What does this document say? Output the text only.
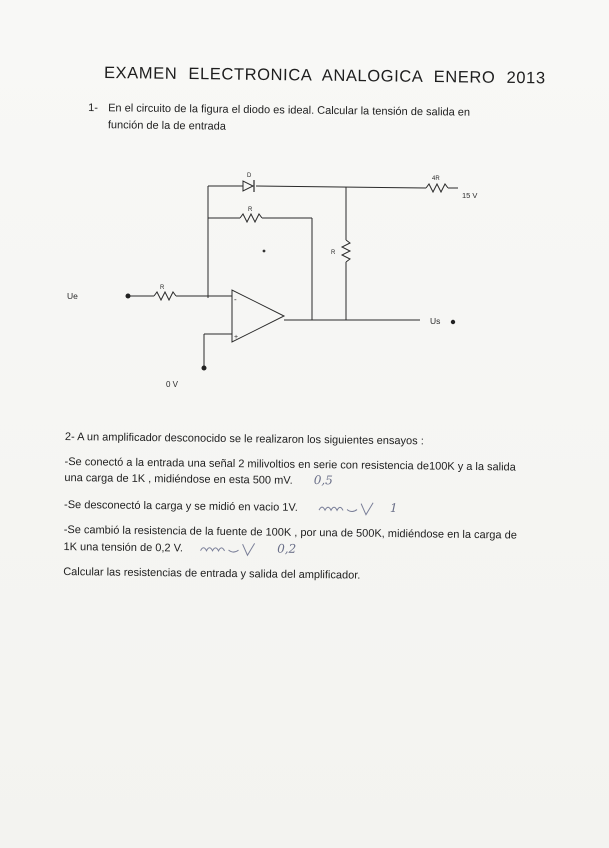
EXAMEN ELECTRONICA ANALOGICA ENERO 2013
1- En el circuito de la figura el diodo es ideal. Calcular la tensión de salida en función de la de entrada
D
R
R
R
4R
15 V
Ue
Us
0 V
-
+

2- A un amplificador desconocido se le realizaron los siguientes ensayos :

-Se conectó a la entrada una señal 2 milivoltios en serie con resistencia de100K y a la salida una carga de 1K , midiéndose en esta 500 mV. 0,5

-Se desconectó la carga y se midió en vacio 1V.	1

-Se cambió la resistencia de la fuente de 100K , por una de 500K, midiéndose en la carga de 1K una tensión de 0,2 V.	0,2

Calcular las resistencias de entrada y salida del amplificador.
